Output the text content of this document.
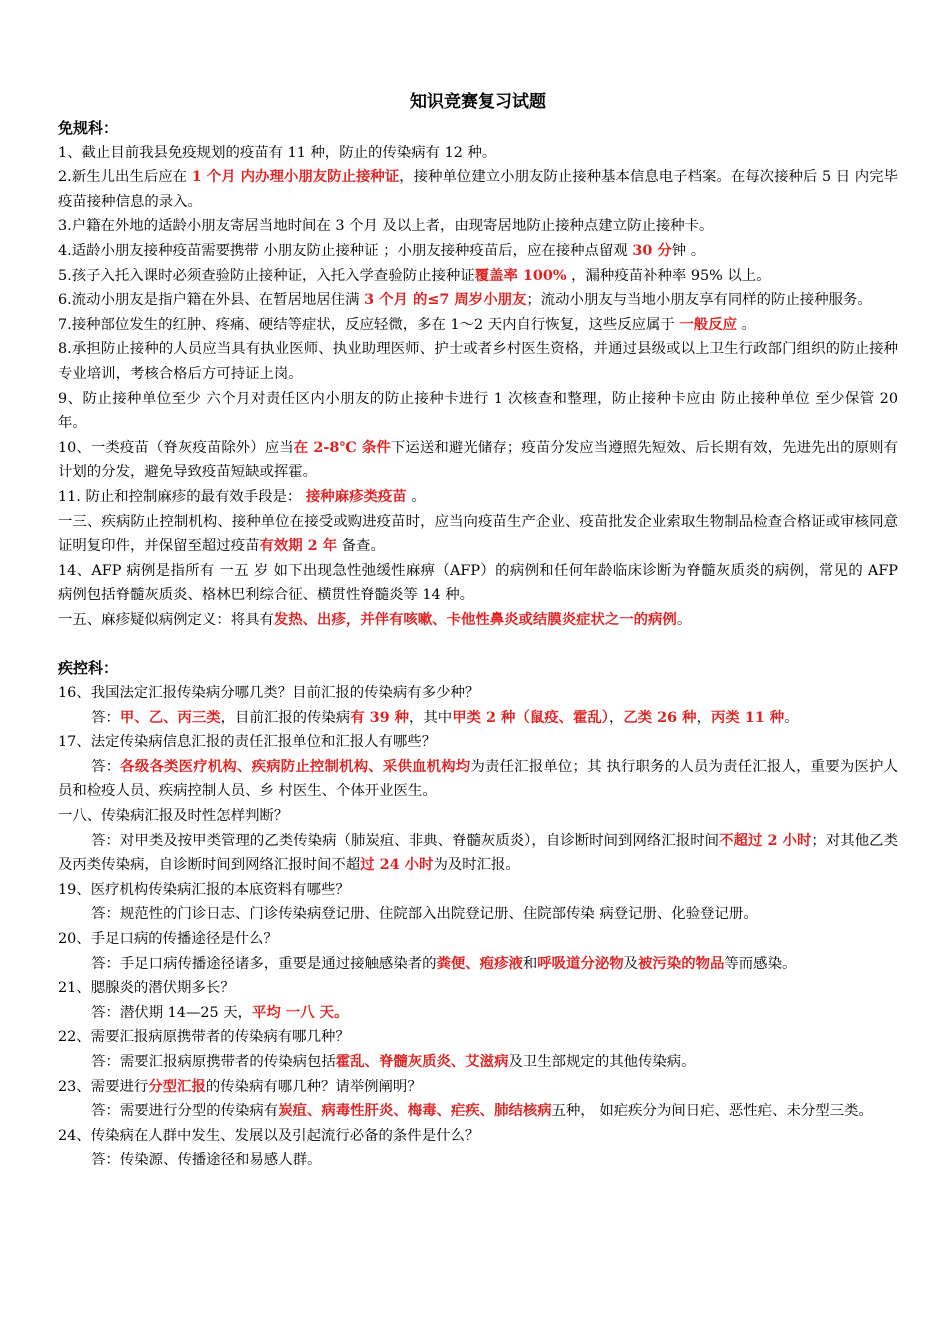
知识竞赛复习试题
免规科：
1、截止目前我县免疫规划的疫苗有 11 种，防止的传染病有 12 种。
2.新生儿出生后应在 1 个月 内办理小朋友防止接种证，接种单位建立小朋友防止接种基本信息电子档案。在每次接种后 5 日 内完毕疫苗接种信息的录入。
3.户籍在外地的适龄小朋友寄居当地时间在 3 个月 及以上者，由现寄居地防止接种点建立防止接种卡。
4.适龄小朋友接种疫苗需要携带 小朋友防止接种证 ；小朋友接种疫苗后，应在接种点留观 30 分钟 。
5.孩子入托入课时必须查验防止接种证，入托入学查验防止接种证覆盖率 100% ，漏种疫苗补种率 95% 以上。
6.流动小朋友是指户籍在外县、在暂居地居住满 3 个月 的≤7 周岁小朋友；流动小朋友与当地小朋友享有同样的防止接种服务。
7.接种部位发生的红肿、疼痛、硬结等症状，反应轻微，多在 1～2 天内自行恢复，这些反应属于 一般反应 。
8.承担防止接种的人员应当具有执业医师、执业助理医师、护士或者乡村医生资格，并通过县级或以上卫生行政部门组织的防止接种专业培训，考核合格后方可持证上岗。
9、防止接种单位至少 六个月对责任区内小朋友的防止接种卡进行 1 次核查和整理，防止接种卡应由 防止接种单位 至少保管 20 年。
10、一类疫苗（脊灰疫苗除外）应当在 2-8℃ 条件下运送和避光储存；疫苗分发应当遵照先短效、后长期有效，先进先出的原则有计划的分发，避免导致疫苗短缺或挥霍。
11. 防止和控制麻疹的最有效手段是： 接种麻疹类疫苗 。
一三、疾病防止控制机构、接种单位在接受或购进疫苗时，应当向疫苗生产企业、疫苗批发企业索取生物制品检查合格证或审核同意证明复印件，并保留至超过疫苗有效期 2 年 备查。
14、AFP 病例是指所有 一五 岁 如下出现急性弛缓性麻痹（AFP）的病例和任何年龄临床诊断为脊髓灰质炎的病例，常见的 AFP 病例包括脊髓灰质炎、格林巴利综合征、横贯性脊髓炎等 14 种。
一五、麻疹疑似病例定义：将具有发热、出疹，并伴有咳嗽、卡他性鼻炎或结膜炎症状之一的病例。
疾控科：
16、我国法定汇报传染病分哪几类？目前汇报的传染病有多少种？
答：甲、乙、丙三类，目前汇报的传染病有 39 种，其中甲类 2 种（鼠疫、霍乱），乙类 26 种，丙类 11 种。
17、法定传染病信息汇报的责任汇报单位和汇报人有哪些？
答：各级各类医疗机构、疾病防止控制机构、采供血机构均为责任汇报单位；其 执行职务的人员为责任汇报人，重要为医护人员和检疫人员、疾病控制人员、乡 村医生、个体开业医生。
一八、传染病汇报及时性怎样判断？
答：对甲类及按甲类管理的乙类传染病（肺炭疽、非典、脊髓灰质炎），自诊断时间到网络汇报时间不超过 2 小时；对其他乙类及丙类传染病，自诊断时间到网络汇报时间不超过 24 小时为及时汇报。
19、医疗机构传染病汇报的本底资料有哪些？
答：规范性的门诊日志、门诊传染病登记册、住院部入出院登记册、住院部传染 病登记册、化验登记册。
20、手足口病的传播途径是什么？
答：手足口病传播途径诸多，重要是通过接触感染者的粪便、疱疹液和呼吸道分泌物及被污染的物品等而感染。
21、腮腺炎的潜伏期多长？
答：潜伏期 14—25 天，平均 一八 天。
22、需要汇报病原携带者的传染病有哪几种？
答：需要汇报病原携带者的传染病包括霍乱、脊髓灰质炎、艾滋病及卫生部规定的其他传染病。
23、需要进行分型汇报的传染病有哪几种？请举例阐明？
答：需要进行分型的传染病有炭疽、病毒性肝炎、梅毒、疟疾、肺结核病五种， 如疟疾分为间日疟、恶性疟、未分型三类。
24、传染病在人群中发生、发展以及引起流行必备的条件是什么？
答：传染源、传播途径和易感人群。
